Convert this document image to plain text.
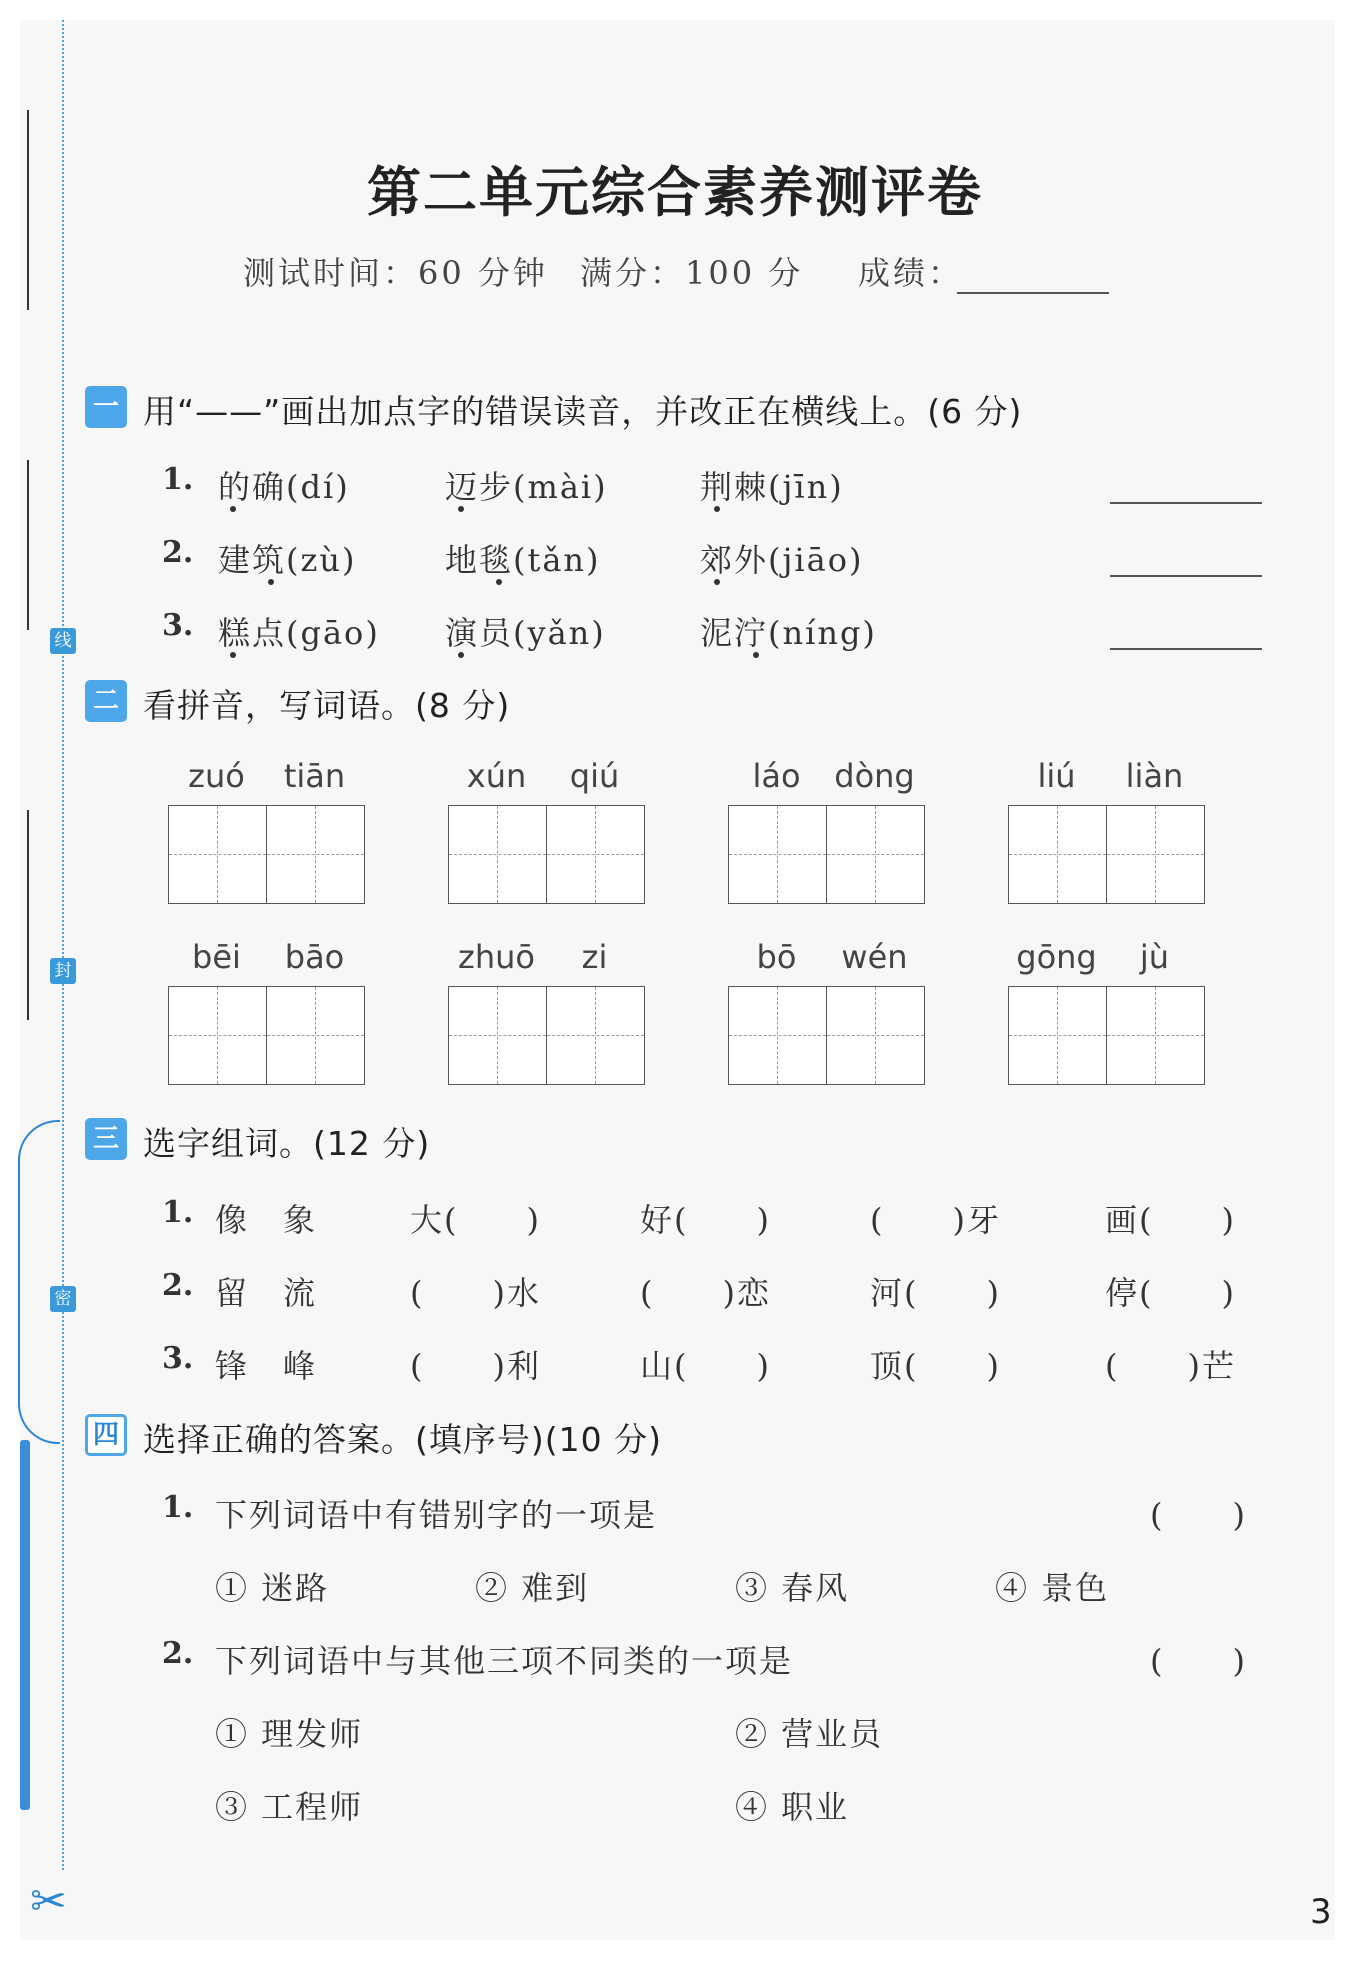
线
封
密
✂
第二单元综合素养测评卷
测试时间：60 分钟 满分：100 分 成绩：
一 用“——”画出加点字的错误读音，并改正在横线上。(6 分)
1. 的确(dí)	迈步(mài)	荆棘(jīn)
2. 建筑(zù)	地毯(tǎn)	郊外(jiāo)
3. 糕点(gāo) 演员(yǎn)	泥泞(níng)
二 看拼音，写词语。(8 分)
zuó	tiān	xún	qiú	láo	dòng	liú	liàn
bēi	bāo	zhuō	zi	bō	wén	gōng	jù
三 选字组词。(12 分)
1. 像　象	大(　　)	好(　　)	(　　)牙	画(　　)
2. 留　流	(　　)水	(　　)恋	河(　　)	停(　　)
3. 锋　峰	(　　)利	山(　　)	顶(　　)	(　　)芒
四 选择正确的答案。(填序号)(10 分)
1. 下列词语中有错别字的一项是	(　　)
① 迷路	② 难到	③ 春风	④ 景色
2. 下列词语中与其他三项不同类的一项是	(　　)
① 理发师	② 营业员
③ 工程师	④ 职业
3
